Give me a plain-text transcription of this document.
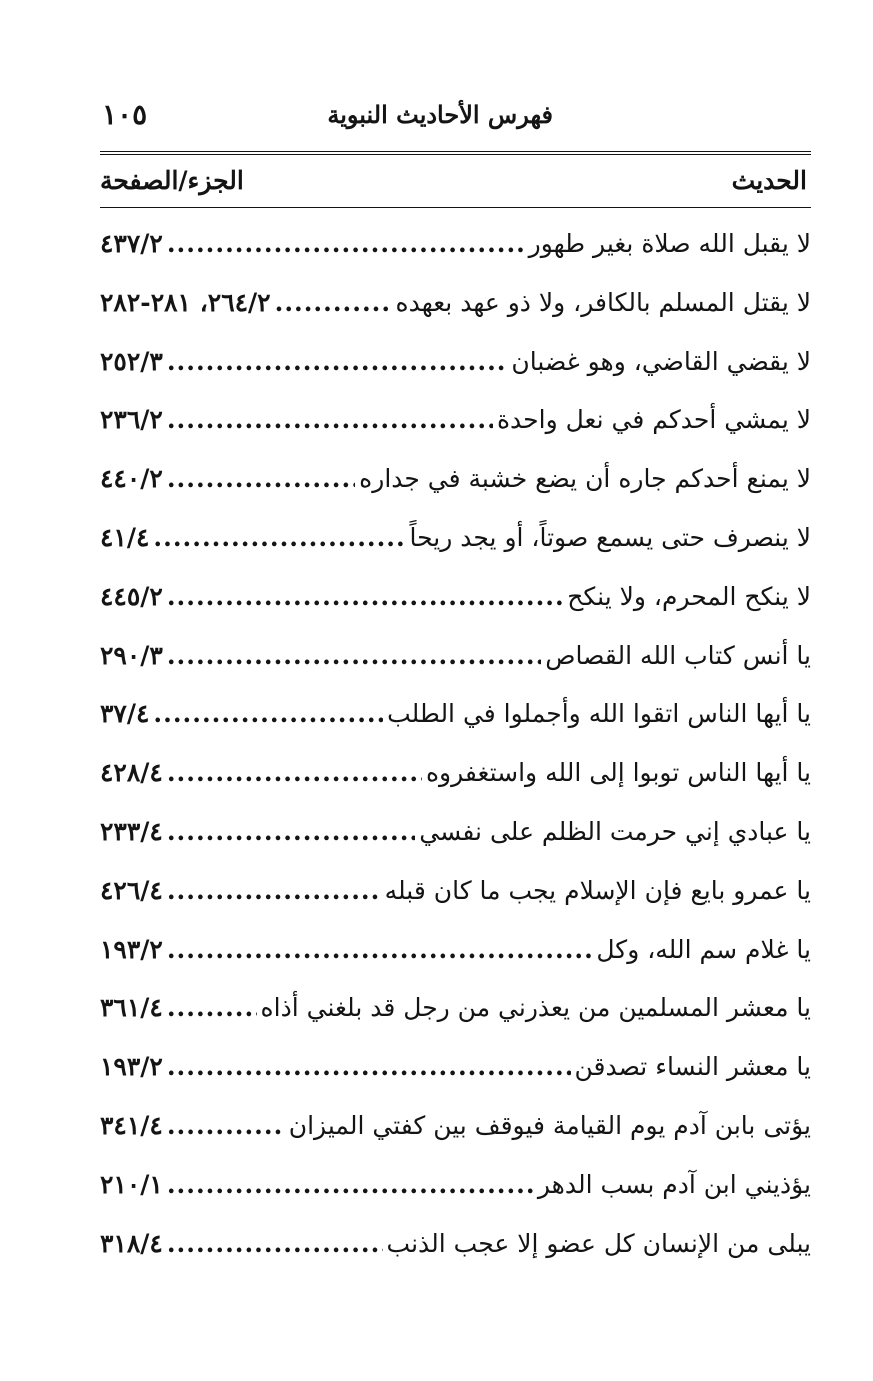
فهرس الأحاديث النبوية
١٠٥
الحديث
الجزء/الصفحة
لا يقبل الله صلاة بغير طهور
.....
٤٣٧/٢
لا يقتل المسلم بالكافر، ولا ذو عهد بعهده
.....
٢٦٤/٢، ٢٨١-٢٨٢
لا يقضي القاضي، وهو غضبان
.....
٢٥٢/٣
لا يمشي أحدكم في نعل واحدة
.....
٢٣٦/٢
لا يمنع أحدكم جاره أن يضع خشبة في جداره
.....
٤٤٠/٢
لا ينصرف حتى يسمع صوتاً، أو يجد ريحاً
.....
٤١/٤
لا ينكح المحرم، ولا ينكح
.....
٤٤٥/٢
يا أنس كتاب الله القصاص
.....
٢٩٠/٣
يا أيها الناس اتقوا الله وأجملوا في الطلب
.....
٣٧/٤
يا أيها الناس توبوا إلى الله واستغفروه
.....
٤٢٨/٤
يا عبادي إني حرمت الظلم على نفسي
.....
٢٣٣/٤
يا عمرو بايع فإن الإسلام يجب ما كان قبله
.....
٤٢٦/٤
يا غلام سم الله، وكل
.....
١٩٣/٢
يا معشر المسلمين من يعذرني من رجل قد بلغني أذاه
.....
٣٦١/٤
يا معشر النساء تصدقن
.....
١٩٣/٢
يؤتى بابن آدم يوم القيامة فيوقف بين كفتي الميزان
.....
٣٤١/٤
يؤذيني ابن آدم بسب الدهر
.....
٢١٠/١
يبلى من الإنسان كل عضو إلا عجب الذنب
.....
٣١٨/٤
